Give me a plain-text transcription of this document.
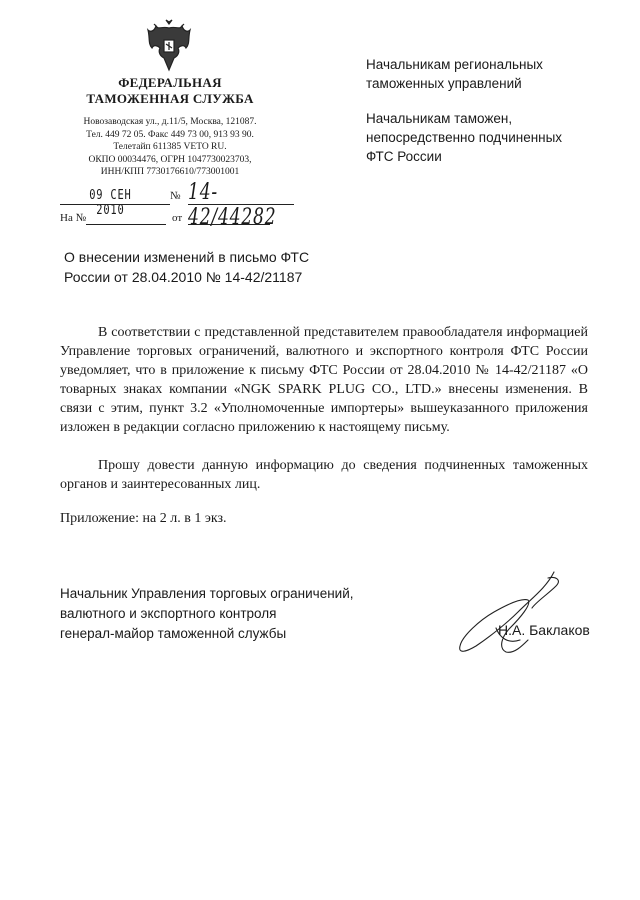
ФЕДЕРАЛЬНАЯ
ТАМОЖЕННАЯ СЛУЖБА
Новозаводская ул., д.11/5, Москва, 121087.
Тел. 449 72 05. Факс 449 73 00, 913 93 90.
Телетайп 611385 VETO RU.
ОКПО 00034476, ОГРН 1047730023703,
ИНН/КПП 7730176610/773001001
09 СЕН 2010
№ 14-42/44282
На №	от
Начальникам региональных
таможенных управлений
Начальникам таможен,
непосредственно подчиненных
ФТС России
О внесении изменений в письмо ФТС
России от 28.04.2010 № 14-42/21187
В соответствии с представленной представителем правообладателя информацией Управление торговых ограничений, валютного и экспортного контроля ФТС России уведомляет, что в приложение к письму ФТС России от 28.04.2010 № 14-42/21187 «О товарных знаках компании «NGK SPARK PLUG CO., LTD.» внесены изменения. В связи с этим, пункт 3.2 «Уполномоченные импортеры» вышеуказанного приложения изложен в редакции согласно приложению к настоящему письму.
Прошу довести данную информацию до сведения подчиненных таможенных органов и заинтересованных лиц.
Приложение: на 2 л. в 1 экз.
Начальник Управления торговых ограничений,
валютного и экспортного контроля
генерал-майор таможенной службы	Н.А. Баклаков
